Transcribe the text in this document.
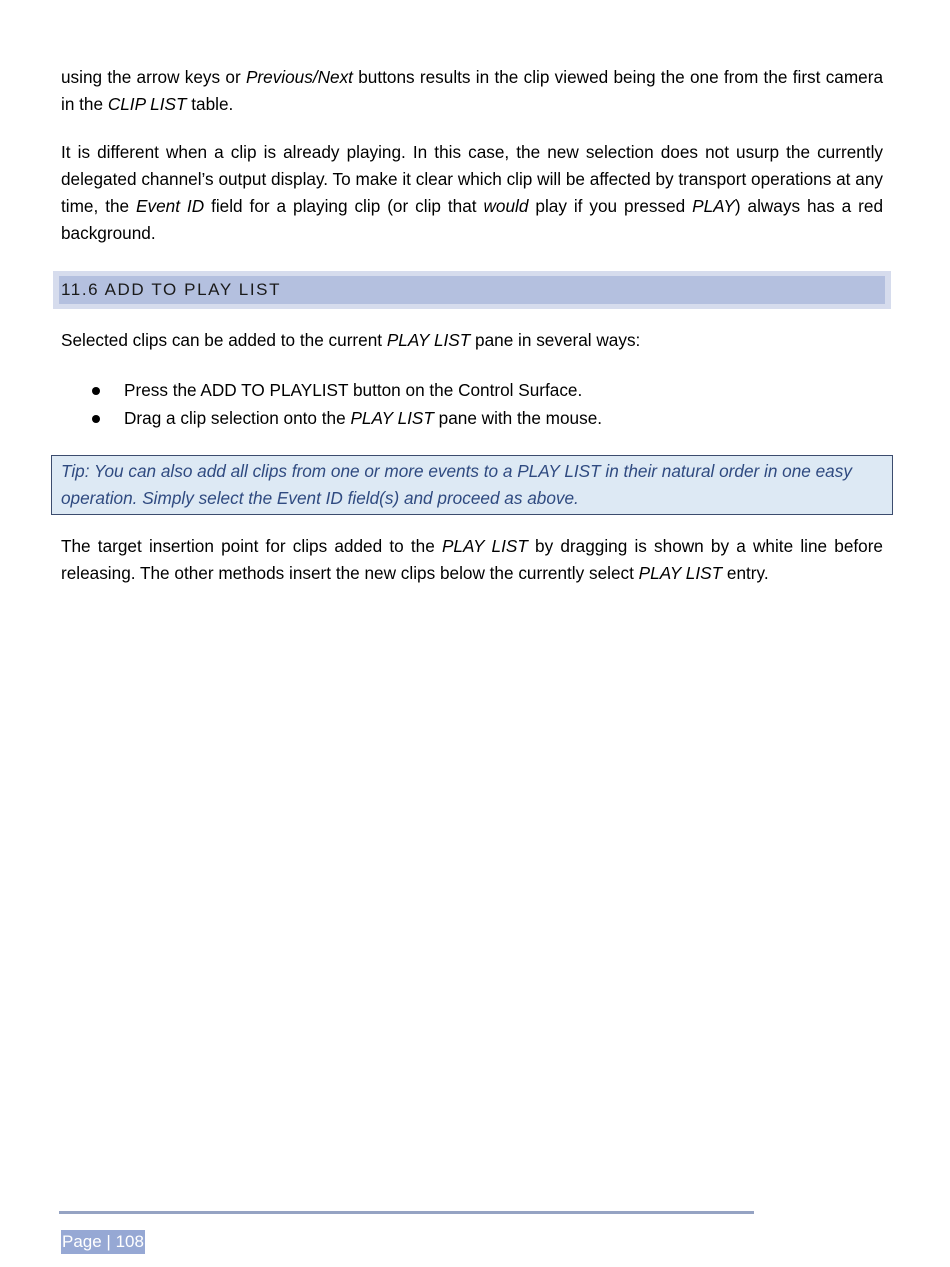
using the arrow keys or Previous/Next buttons results in the clip viewed being the one from the first camera in the CLIP LIST table.

It is different when a clip is already playing. In this case, the new selection does not usurp the currently delegated channel’s output display. To make it clear which clip will be affected by transport operations at any time, the Event ID field for a playing clip (or clip that would play if you pressed PLAY) always has a red background.

Selected clips can be added to the current PLAY LIST pane in several ways:

Press the ADD TO PLAYLIST button on the Control Surface.
Drag a clip selection onto the PLAY LIST pane with the mouse.

The target insertion point for clips added to the PLAY LIST by dragging is shown by a white line before releasing. The other methods insert the new clips below the currently select PLAY LIST entry.

11.6 ADD TO PLAY LIST
Tip: You can also add all clips from one or more events to a PLAY LIST in their natural order in one easy operation. Simply select the Event ID field(s) and proceed as above.
Page | 108
